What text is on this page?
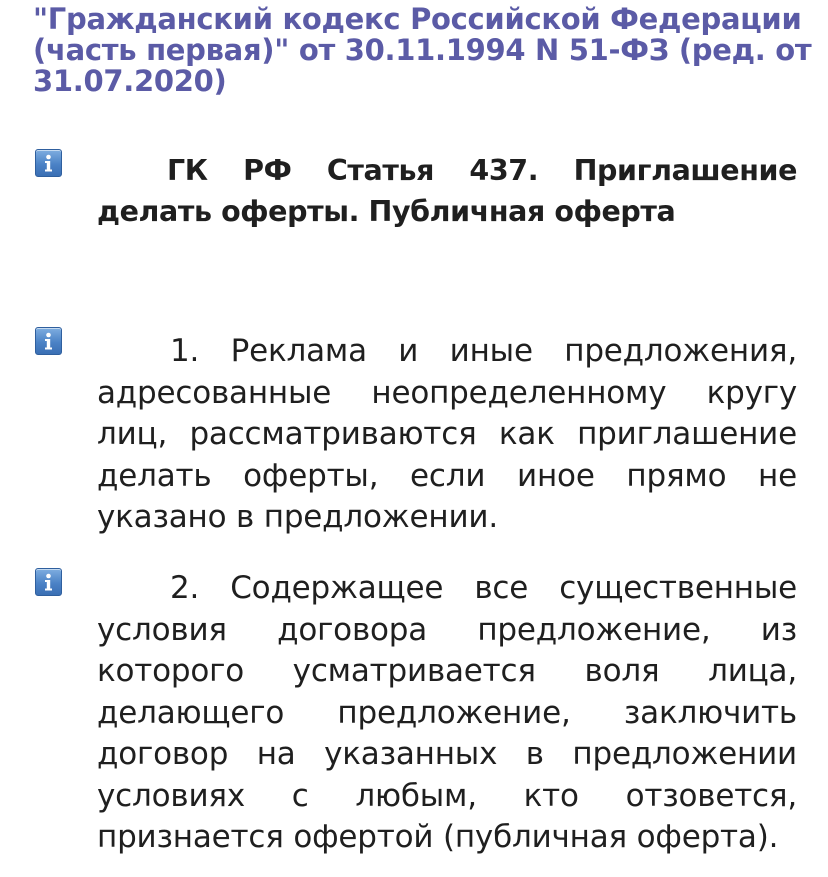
"Гражданский кодекс Российской Федерации (часть первая)" от 30.11.1994 N 51-ФЗ (ред. от 31.07.2020)

ГК РФ Статья 437. Приглашение делать оферты. Публичная оферта

1. Реклама и иные предложения, адресованные неопределенному кругу лиц, рассматриваются как приглашение делать оферты, если иное прямо не указано в предложении.

2. Содержащее все существенные условия договора предложение, из которого усматривается воля лица, делающего предложение, заключить договор на указанных в предложении условиях с любым, кто отзовется, признается офертой (публичная оферта).
